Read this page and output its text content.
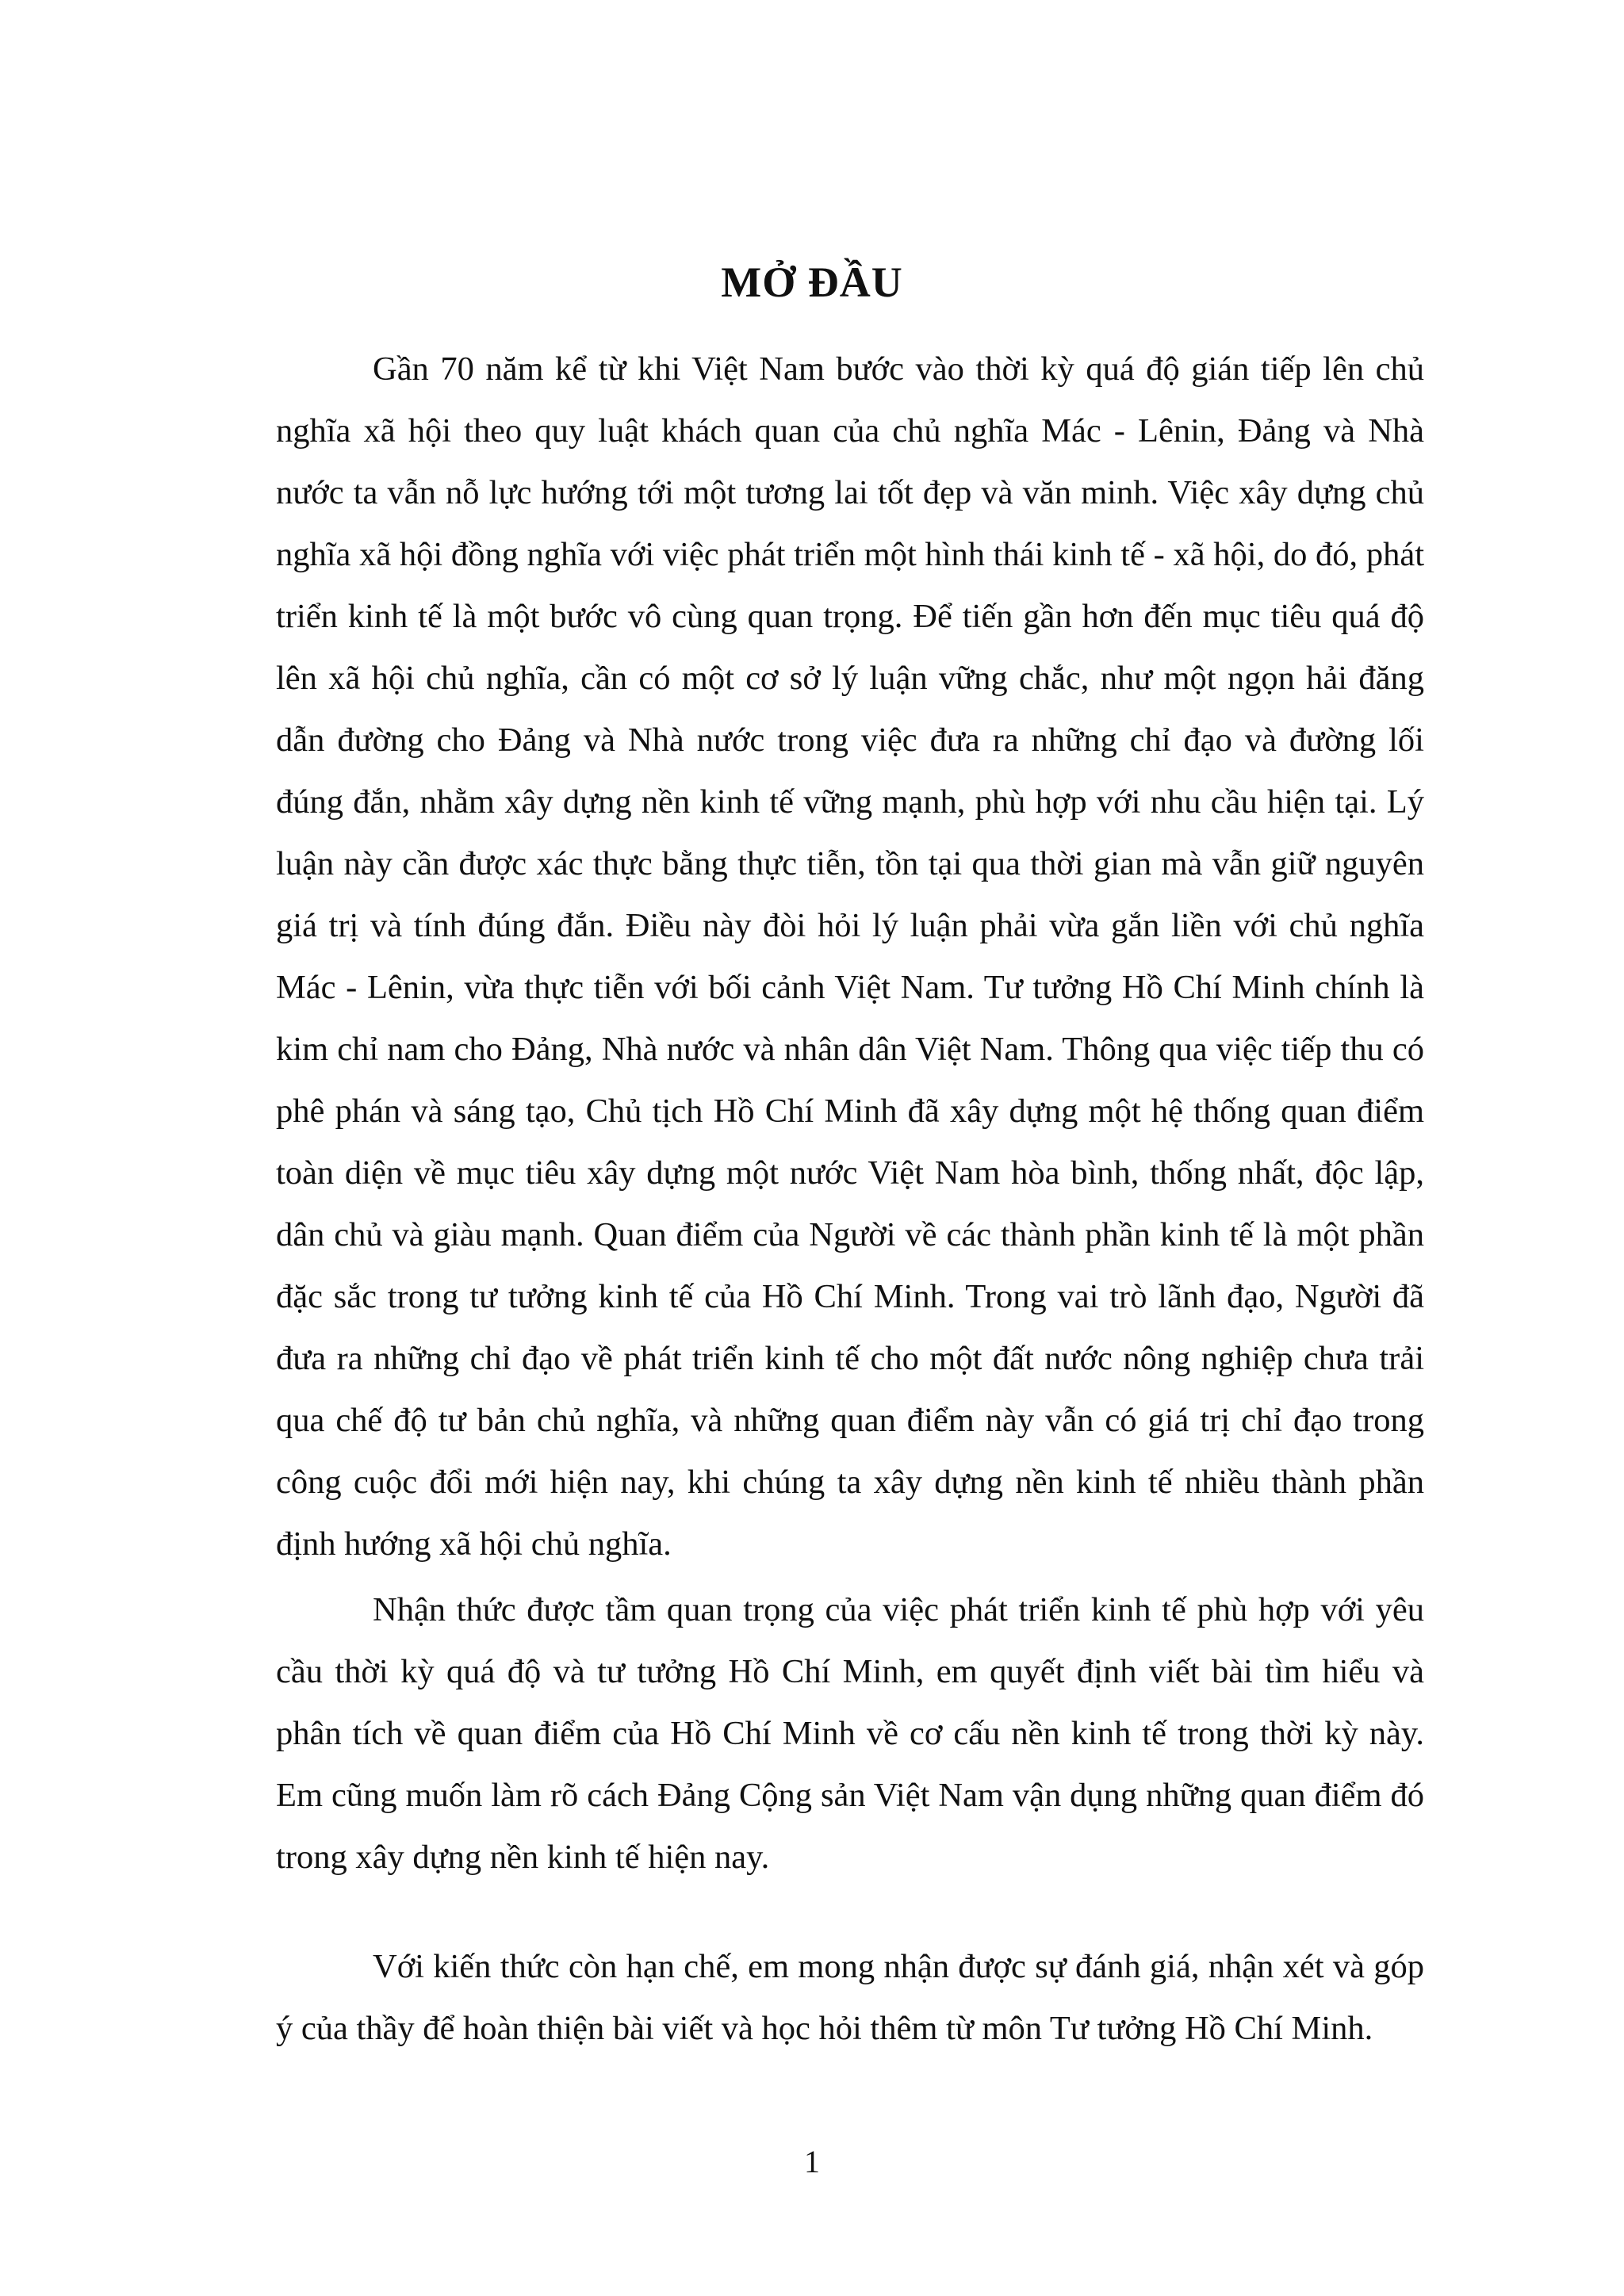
MỞ ĐẦU

Gần 70 năm kể từ khi Việt Nam bước vào thời kỳ quá độ gián tiếp lên chủ nghĩa xã hội theo quy luật khách quan của chủ nghĩa Mác - Lênin, Đảng và Nhà nước ta vẫn nỗ lực hướng tới một tương lai tốt đẹp và văn minh. Việc xây dựng chủ nghĩa xã hội đồng nghĩa với việc phát triển một hình thái kinh tế - xã hội, do đó, phát triển kinh tế là một bước vô cùng quan trọng. Để tiến gần hơn đến mục tiêu quá độ lên xã hội chủ nghĩa, cần có một cơ sở lý luận vững chắc, như một ngọn hải đăng dẫn đường cho Đảng và Nhà nước trong việc đưa ra những chỉ đạo và đường lối đúng đắn, nhằm xây dựng nền kinh tế vững mạnh, phù hợp với nhu cầu hiện tại. Lý luận này cần được xác thực bằng thực tiễn, tồn tại qua thời gian mà vẫn giữ nguyên giá trị và tính đúng đắn. Điều này đòi hỏi lý luận phải vừa gắn liền với chủ nghĩa Mác - Lênin, vừa thực tiễn với bối cảnh Việt Nam. Tư tưởng Hồ Chí Minh chính là kim chỉ nam cho Đảng, Nhà nước và nhân dân Việt Nam. Thông qua việc tiếp thu có phê phán và sáng tạo, Chủ tịch Hồ Chí Minh đã xây dựng một hệ thống quan điểm toàn diện về mục tiêu xây dựng một nước Việt Nam hòa bình, thống nhất, độc lập, dân chủ và giàu mạnh. Quan điểm của Người về các thành phần kinh tế là một phần đặc sắc trong tư tưởng kinh tế của Hồ Chí Minh. Trong vai trò lãnh đạo, Người đã đưa ra những chỉ đạo về phát triển kinh tế cho một đất nước nông nghiệp chưa trải qua chế độ tư bản chủ nghĩa, và những quan điểm này vẫn có giá trị chỉ đạo trong công cuộc đổi mới hiện nay, khi chúng ta xây dựng nền kinh tế nhiều thành phần định hướng xã hội chủ nghĩa.

Nhận thức được tầm quan trọng của việc phát triển kinh tế phù hợp với yêu cầu thời kỳ quá độ và tư tưởng Hồ Chí Minh, em quyết định viết bài tìm hiểu và phân tích về quan điểm của Hồ Chí Minh về cơ cấu nền kinh tế trong thời kỳ này. Em cũng muốn làm rõ cách Đảng Cộng sản Việt Nam vận dụng những quan điểm đó trong xây dựng nền kinh tế hiện nay.

Với kiến thức còn hạn chế, em mong nhận được sự đánh giá, nhận xét và góp ý của thầy để hoàn thiện bài viết và học hỏi thêm từ môn Tư tưởng Hồ Chí Minh.

1
